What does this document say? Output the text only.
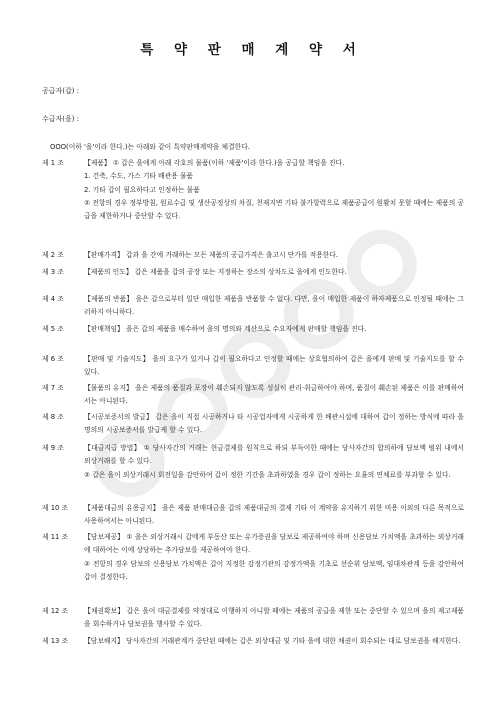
특 약 판 매 계 약 서
공급자(갑) :
수급자(을) :
OOO(이하 '을'이라 한다.)는 아래와 같이 특약판매계약을 체결한다.
제 1 조	【제품】 ① 갑은 을에게 아래 각호의 물품(이하 '제품'이라 한다.)을 공급할 책임을 진다.
1. 건축, 수도, 가스 기타 배관용 물품
2. 기타 갑이 필요하다고 인정하는 물품
② 전항의 경우 정부방침, 원료수급 및 생산공정상의 차질, 천재지변 기타 불가항력으로 제품공급이 원활치 못할 때에는 제품의 공급을 제한하거나 중단할 수 있다.
제 2 조	【판매가격】 갑과 을 간에 거래하는 모든 제품의 공급가격은 출고시 단가를 적용한다.
제 3 조	【제품의 인도】 갑은 제품을 갑의 공장 또는 지정하는 장소의 상차도로 을에게 인도한다.
제 4 조	【제품의 반품】 을은 갑으로부터 일단 매입한 제품을 반품할 수 없다. 다만, 을이 매입한 제품이 하자제품으로 인정될 때에는 그러하지 아니하다.
제 5 조	【판매책임】 을은 갑의 제품을 매수하여 을의 명의와 계산으로 수요자에게 판매할 책임을 진다.
제 6 조	【판매 및 기술지도】 을의 요구가 있거나 갑이 필요하다고 인정할 때에는 상호협의하여 갑은 을에게 판매 및 기술지도를 할 수 있다.
제 7 조	【물품의 유지】 을은 제품의 품질과 포장이 훼손되지 않도록 성실히 관리·취급하여야 하며, 품질이 훼손된 제품은 이를 판매하여서는 아니된다.
제 8 조	【시공보증서의 발급】 갑은 을이 직접 시공하거나 타 시공업자에게 시공하게 한 배관시설에 대하여 갑이 정하는 방식에 따라 을 명의의 시공보증서를 발급케 할 수 있다.
제 9 조	【대금지급 방법】 ① 당사자간의 거래는 현금결제를 원칙으로 하되 부득이한 때에는 당사자간의 합의하에 담보액 범위 내에서 외상거래를 할 수 있다.
② 갑은 을이 외상거래시 회전일을 감안하여 갑이 정한 기간을 초과하였을 경우 갑이 정하는 요율의 연체료를 부과할 수 있다.
제 10 조 【제품대금의 유용금지】 을은 제품 판매대금을 갑의 제품대금의 결제 기타 이 계약을 유지하기 위한 비용 이외의 다른 목적으로 사용하여서는 아니된다.
제 11 조 【담보제공】 ① 을은 외상거래시 갑에게 부동산 또는 유가증권을 담보로 제공하여야 하며 신용담보 가치액을 초과하는 외상거래에 대하여는 이에 상당하는 추가담보를 제공하여야 한다.
② 전항의 경우 담보의 신용담보 가치액은 갑이 지정한 감정기관의 감정가액을 기초로 선순위 담보액, 임대차관계 등을 감안하여 갑이 결정한다.
제 12 조 【채권확보】 갑은 을이 대금결제를 약정대로 이행하지 아니할 때에는 제품의 공급을 제한 또는 중단할 수 있으며 을의 재고제품을 회수하거나 담보권을 행사할 수 있다.
제 13 조 【담보해지】 당사자간의 거래관계가 중단된 때에는 갑은 외상대금 및 기타 을에 대한 채권이 회수되는 대로 담보권을 해지한다.
